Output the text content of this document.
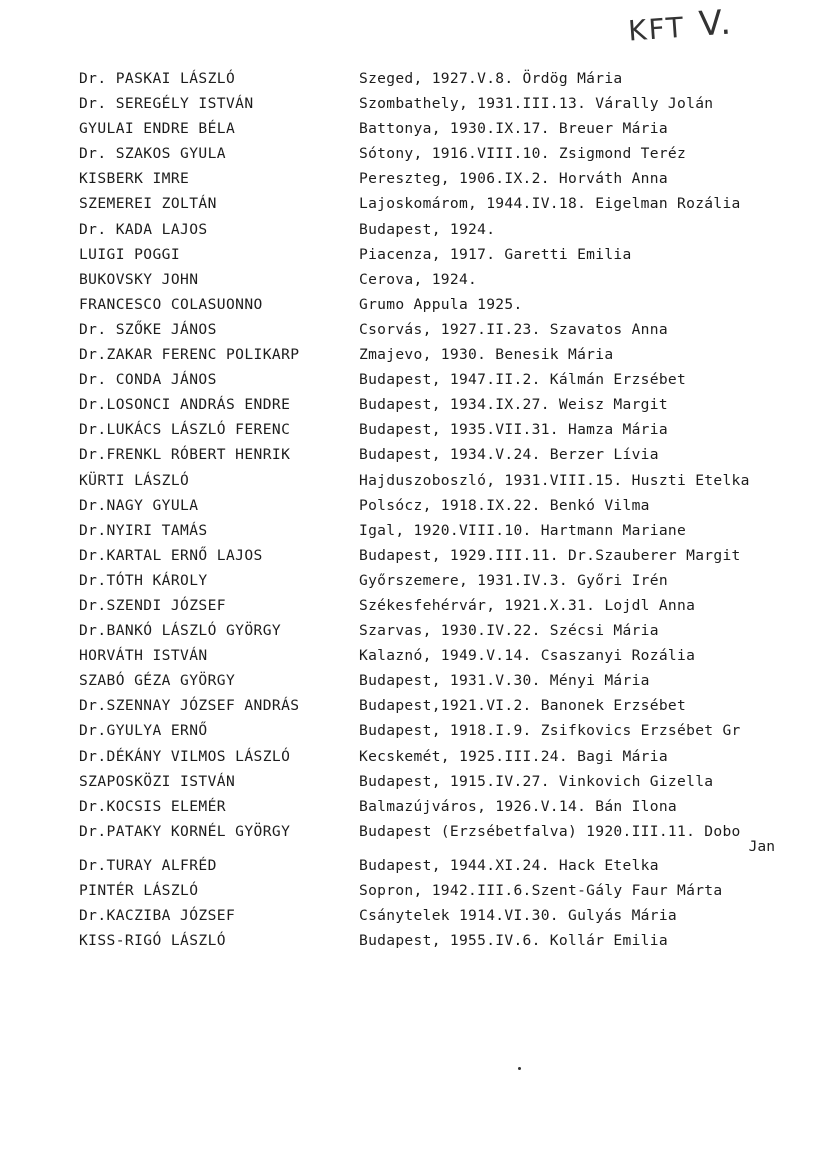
KFT V.
Dr. PASKAI LÁSZLÓ	Szeged, 1927.V.8. Ördög Mária
Dr. SEREGÉLY ISTVÁN	Szombathely, 1931.III.13. Várally Jolán
GYULAI ENDRE BÉLA	Battonya, 1930.IX.17. Breuer Mária
Dr. SZAKOS GYULA	Sótony, 1916.VIII.10. Zsigmond Teréz
KISBERK IMRE	Pereszteg, 1906.IX.2. Horváth Anna
SZEMEREI ZOLTÁN	Lajoskomárom, 1944.IV.18. Eigelman Rozália
Dr. KADA LAJOS	Budapest, 1924.
LUIGI POGGI	Piacenza, 1917. Garetti Emilia
BUKOVSKY JOHN	Cerova, 1924.
FRANCESCO COLASUONNO	Grumo Appula 1925.
Dr. SZŐKE JÁNOS	Csorvás, 1927.II.23. Szavatos Anna
Dr.ZAKAR FERENC POLIKARP	Zmajevo, 1930. Benesik Mária
Dr. CONDA JÁNOS	Budapest, 1947.II.2. Kálmán Erzsébet
Dr.LOSONCI ANDRÁS ENDRE	Budapest, 1934.IX.27. Weisz Margit
Dr.LUKÁCS LÁSZLÓ FERENC	Budapest, 1935.VII.31. Hamza Mária
Dr.FRENKL RÓBERT HENRIK	Budapest, 1934.V.24. Berzer Lívia
KÜRTI LÁSZLÓ	Hajduszoboszló, 1931.VIII.15. Huszti Etelka
Dr.NAGY GYULA	Polsócz, 1918.IX.22. Benkó Vilma
Dr.NYIRI TAMÁS	Igal, 1920.VIII.10. Hartmann Mariane
Dr.KARTAL ERNŐ LAJOS	Budapest, 1929.III.11. Dr.Szauberer Margit
Dr.TÓTH KÁROLY	Győrszemere, 1931.IV.3. Győri Irén
Dr.SZENDI JÓZSEF	Székesfehérvár, 1921.X.31. Lojdl Anna
Dr.BANKÓ LÁSZLÓ GYÖRGY	Szarvas, 1930.IV.22. Szécsi Mária
HORVÁTH ISTVÁN	Kalaznó, 1949.V.14. Csaszanyi Rozália
SZABÓ GÉZA GYÖRGY	Budapest, 1931.V.30. Ményi Mária
Dr.SZENNAY JÓZSEF ANDRÁS	Budapest,1921.VI.2. Banonek Erzsébet
Dr.GYULYA ERNŐ	Budapest, 1918.I.9. Zsifkovics Erzsébet Gr
Dr.DÉKÁNY VILMOS LÁSZLÓ	Kecskemét, 1925.III.24. Bagi Mária
SZAPOSKÖZI ISTVÁN	Budapest, 1915.IV.27. Vinkovich Gizella
Dr.KOCSIS ELEMÉR	Balmazújváros, 1926.V.14. Bán Ilona
Dr.PATAKY KORNÉL GYÖRGY	Budapest (Erzsébetfalva) 1920.III.11. Dobo
Jan
Dr.TURAY ALFRÉD	Budapest, 1944.XI.24. Hack Etelka
PINTÉR LÁSZLÓ	Sopron, 1942.III.6.Szent-Gály Faur Márta
Dr.KACZIBA JÓZSEF	Csánytelek 1914.VI.30. Gulyás Mária
KISS-RIGÓ LÁSZLÓ	Budapest, 1955.IV.6. Kollár Emilia
